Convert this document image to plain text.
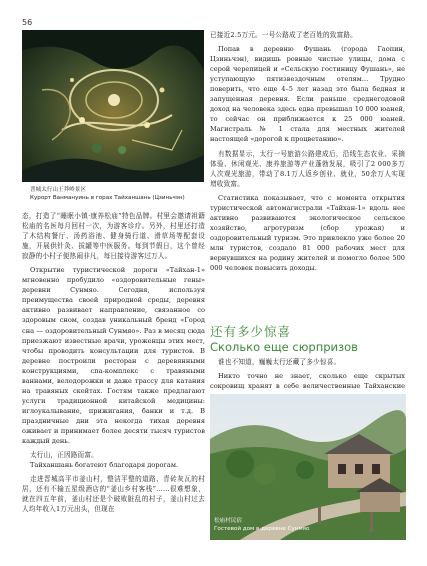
56
普城太行山王莽岭景区
Курорт Ванмануинь в горах Тайханшань (Цзиньчэн)

态，打造了“睡眠小镇·康养松庙”特色品牌。村里会邀请祖籍松庙的名医每月回村一次，为游客诊疗。另外，村里还打造了木结构餐厅、汤药浴池、健身骑行道、滑草场等配套设施，开展供针灸、拔罐等中医服务。每到节假日，这个曾经寂静的小村子便热闹非凡，每日接待游客过万人。

Открытие туристической дороги «Тайхан-1» мгновенно пробудило «оздоровительные гены» деревни Сунмяо. Сегодня, используя преимущества своей природной среды, деревня активно развивает направление, связанное со здоровым сном, создав уникальный бренд «Город сна — оздоровительный Сунмяо». Раз в месяц сюда приезжают известные врачи, уроженцы этих мест, чтобы проводить консультации для туристов. В деревне построили ресторан с деревянными конструкциями, спа-комплекс с травяными ваннами, велодорожки и даже трассу для катания на травяных скейтах. Гостям также предлагают услуги традиционной китайской медицины: иглоукалывание, прижигания, банки и т.д. В праздничные дни эта некогда тихая деревня оживает и принимает более десяти тысяч туристов каждый день.

太行山，正因路而富。

Тайханшань богатеют благодаря дорогам.

走进晋城高平市釜山村，整洁平整的道路、青砖灰瓦的村居，还有不输五星级酒店的“釜山乡村客栈”……很难想象，就在四五年前，釜山村还是个破败脏乱的村子，釜山村过去人均年收入1万元出头，但现在

已接近2.5万元。一号公路成了老百姓的致富路。

Попав в деревню Фушань (города Гаопин, Цзиньчэн), видишь ровные чистые улицы, дома с серой черепицей и «Сельскую гостиницу Фушань», не уступающую пятизвездочным отелям… Трудно поверить, что еще 4–5 лет назад это была бедная и запущенная деревня. Если раньше среднегодовой доход на человека здесь едва превышал 10 000 юаней, то сейчас он приближается к 25 000 юаней. Магистраль № 1 стала для местных жителей настоящей «дорогой к процветанию».

有数据显示，太行一号旅游公路建成后，沿线生态农业、采摘体验、休闲观光、康养旅游等产业蓬勃发展，吸引了2 000多万人次观光旅游，带动了8.1万人返乡创业、就业，50余万人实现增收致富。

Статистика показывает, что с момента открытия туристической автомагистрали «Тайхан-1» вдоль нее активно развиваются экологическое сельское хозяйство, агротуризм (сбор урожая) и оздоровительный туризм. Это привлекло уже более 20 млн туристов, создало 81 000 рабочих мест для вернувшихся на родину жителей и помогло более 500 000 человек повысить доходы.

还有多少惊喜
Сколько еще сюрпризов

谁也不知道，巍巍太行还藏了多少惊喜。

Никто точно не знает, сколько еще скрытых сокровищ хранят в себе величественные Тайханские

松庙村民宿
Гостевой дом в деревне Сунмяо
